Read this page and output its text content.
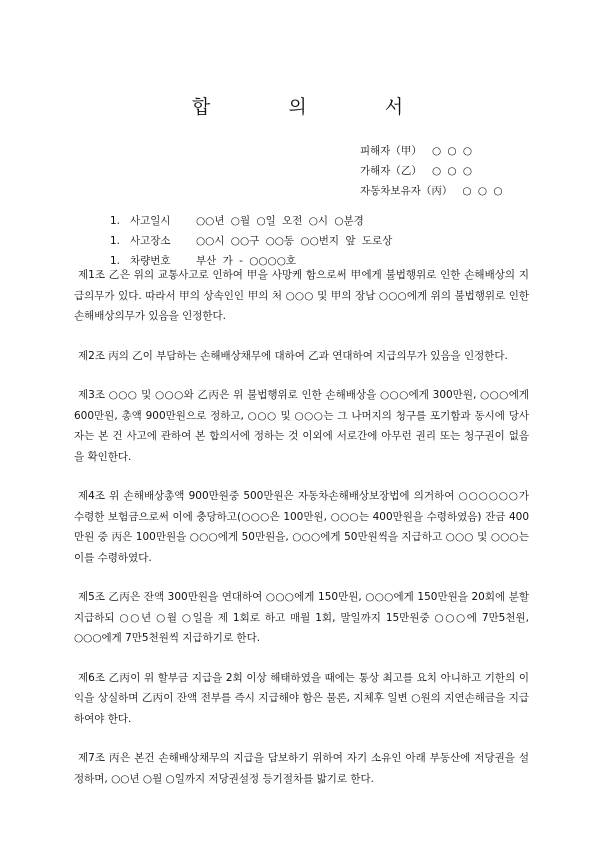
합 의 서
피해자（甲） ○ ○ ○
가해자（乙） ○ ○ ○
자동차보유자（丙） ○ ○ ○
1. 사고일시 ○○년 ○월 ○일 오전 ○시 ○분경
1. 사고장소 ○○시 ○○구 ○○동 ○○번지 앞 도로상
1. 차량번호 부산 가 - ○○○○호

제1조 乙은 위의 교통사고로 인하여 甲을 사망케 함으로써 甲에게 불법행위로 인한 손해배상의 지급의무가 있다. 따라서 甲의 상속인인 甲의 처 ○○○ 및 甲의 장남 ○○○에게 위의 불법행위로 인한 손해배상의무가 있음을 인정한다.

제2조 丙의 乙이 부담하는 손해배상채무에 대하여 乙과 연대하여 지급의무가 있음을 인정한다.

제3조 ○○○ 및 ○○○와 乙丙은 위 불법행위로 인한 손해배상을 ○○○에게 300만원, ○○○에게 600만원, 총액 900만원으로 정하고, ○○○ 및 ○○○는 그 나머지의 청구를 포기함과 동시에 당사자는 본 건 사고에 관하여 본 합의서에 정하는 것 이외에 서로간에 아무런 권리 또는 청구권이 없음을 확인한다.

제4조 위 손해배상총액 900만원중 500만원은 자동차손해배상보장법에 의거하여 ○○○○○○가 수령한 보험금으로써 이에 충당하고(○○○은 100만원, ○○○는 400만원을 수령하였음) 잔금 400만원 중 丙은 100만원을 ○○○에게 50만원을, ○○○에게 50만원씩을 지급하고 ○○○ 및 ○○○는 이를 수령하였다.

제5조 乙丙은 잔액 300만원을 연대하여 ○○○에게 150만원, ○○○에게 150만원을 20회에 분할지급하되 ○○년 ○월 ○일을 제 1회로 하고 매월 1회, 말일까지 15만원중 ○○○에 7만5천원, ○○○에게 7만5천원씩 지급하기로 한다.

제6조 乙丙이 위 할부금 지급을 2회 이상 해태하였을 때에는 통상 최고를 요치 아니하고 기한의 이익을 상실하며 乙丙이 잔액 전부를 즉시 지급해야 함은 물론, 지체후 일변 ○원의 지연손해금을 지급하여야 한다.

제7조 丙은 본건 손해배상채무의 지급을 담보하기 위하여 자기 소유인 아래 부동산에 저당권을 설정하며, ○○년 ○월 ○일까지 저당권설정 등기절차를 밟기로 한다.
